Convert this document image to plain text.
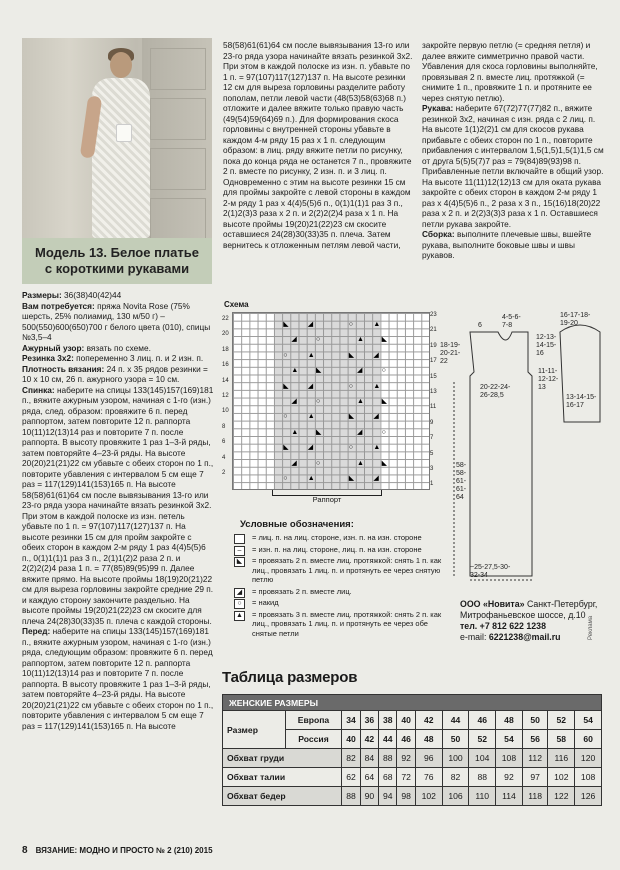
Модель 13. Белое платье
с короткими рукавами

Размеры: 36(38)40(42)44

Вам потребуется: пряжа Novita Rose (75% шерсть, 25% полиамид, 130 м/50 г) – 500(550)600(650)700 г белого цвета (010), спицы №3,5–4

Ажурный узор: вязать по схеме.

Резинка 3х2: попеременно 3 лиц. п. и 2 изн. п.

Плотность вязания: 24 п. х 35 рядов резинки = 10 х 10 см, 26 п. ажурного узора = 10 см.

Спинка: наберите на спицы 133(145)157(169)181 п., вяжите ажурным узором, начиная с 1-го (изн.) ряда, след. образом: провяжите 6 п. перед раппортом, затем повторите 12 п. раппорта 10(11)12(13)14 раз и повторите 7 п. после раппорта. В высоту провяжите 1 раз 1–3-й ряды, затем повторяйте 4–23-й ряды. На высоте 20(20)21(21)22 см убавьте с обеих сторон по 1 п., повторите убавления с интервалом 5 см еще 7 раз = 117(129)141(153)165 п. На высоте 58(58)61(61)64 см после вывязывания 13-го или 23-го ряда узора начинайте вязать резинкой 3х2. При этом в каждой полоске из изн. петель убавьте по 1 п. = 97(107)117(127)137 п. На высоте резинки 15 см для пройм закройте с обеих сторон в каждом 2-м ряду 1 раз 4(4)5(5)6 п., 0(1)1(1)1 раз 3 п., 2(1)1(2)2 раза 2 п. и 2(2)2(2)4 раза 1 п. = 77(85)89(95)99 п. Далее вяжите прямо. На высоте проймы 18(19)20(21)22 см для выреза горловины закройте средние 29 п. и каждую сторону закончите раздельно. На высоте проймы 19(20)21(22)23 см скосите для плеча 24(28)30(33)35 п. плеча с каждой стороны.

Перед: наберите на спицы 133(145)157(169)181 п., вяжите ажурным узором, начиная с 1-го (изн.) ряда, следующим образом: провяжите 6 п. перед раппортом, затем повторите 12 п. раппорта 10(11)12(13)14 раз и повторите 7 п. после раппорта. В высоту провяжите 1 раз 1–3-й ряды, затем повторяйте 4–23-й ряды. На высоте 20(20)21(21)22 см убавьте с обеих сторон по 1 п., повторите убавления с интервалом 5 см еще 7 раз = 117(129)141(153)165 п. На высоте

58(58)61(61)64 см после вывязывания 13-го или 23-го ряда узора начинайте вязать резинкой 3х2. При этом в каждой полоске из изн. п. убавьте по 1 п. = 97(107)117(127)137 п. На высоте резинки 12 см для выреза горловины разделите работу пополам, петли левой части (48(53)58(63)68 п.) отложите и далее вяжите только правую часть (49(54)59(64)69 п.). Для формирования скоса горловины с внутренней стороны убавьте в каждом 4-м ряду 15 раз х 1 п. следующим образом: в лиц. ряду вяжите петли по рисунку, пока до конца ряда не останется 7 п., провяжите 2 п. вместе по рисунку, 2 изн. п. и 3 лиц. п. Одновременно с этим на высоте резинки 15 см для проймы закройте с левой стороны в каждом 2-м ряду 1 раз х 4(4)5(5)6 п., 0(1)1(1)1 раз 3 п., 2(1)2(3)3 раза х 2 п. и 2(2)2(2)4 раза х 1 п. На высоте проймы 19(20)21(22)23 см скосите оставшиеся 24(28)30(33)35 п. плеча. Затем вернитесь к отложенным петлям левой части,

закройте первую петлю (= средняя петля) и далее вяжите симметрично правой части. Убавления для скоса горловины выполняйте, провязывая 2 п. вместе лиц. протяжкой (= снимите 1 п., провяжите 1 п. и протяните ее через снятую петлю).

Рукава: наберите 67(72)77(77)82 п., вяжите резинкой 3х2, начиная с изн. ряда с 2 лиц. п. На высоте 1(1)2(2)1 см для скосов рукава прибавьте с обеих сторон по 1 п., повторите прибавления с интервалом 1,5(1,5)1,5(1)1,5 см от друга 5(5)5(7)7 раз = 79(84)89(93)98 п. Прибавленные петли включайте в общий узор. На высоте 11(11)12(12)13 см для оката рукава закройте с обеих сторон в каждом 2-м ряду 1 раз х 4(4)5(5)6 п., 2 раза х 3 п., 15(16)18(20)22 раза х 2 п. и 2(2)3(3)3 раза х 1 п. Оставшиеся петли рукава закройте.

Сборка: выполните плечевые швы, вшейте рукава, выполните боковые швы и швы рукавов.

Схема
◣	◢	○	▲
◢	○	▲	◣
○	▲	◣	◢
▲	◣	◢	○
◣	◢	○	▲
◢	○	▲	◣
○	▲	◣	◢
▲	◣	◢	○
◣	◢	○	▲
◢	○	▲	◣
○	▲	◣	◢
22
20
18
16
14
12
10
8
6
4
2
23
21
19
17
15
13
11
9
7
5
3
1
Раппорт
4-5-6-
7-8
6
16-17-18-
19-20
18-19-
20-21-
22
20-22-24-
26-28,5
58-
58-
61-
61-
64
~25-27,5-30-
32-34
12-13-
14-15-
16
11-11-
12-12-
13
13-14-15-
16-17
Условные обозначения:
= лиц. п. на лиц. стороне, изн. п. на изн. стороне
–	= изн. п. на лиц. стороне, лиц. п. на изн. стороне
◣	= провязать 2 п. вместе лиц. протяжкой: снять 1 п. как лиц., провязать 1 лиц. п. и протянуть ее через снятую петлю
◢	= провязать 2 п. вместе лиц.
○	= накид
▲ = провязать 3 п. вместе лиц. протяжкой: снять 2 п. как лиц., провязать 1 лиц. п. и протянуть ее через обе снятые петли
ООО «Новита» Санкт-Петербург,
Митрофаньевское шоссе, д.10
тел. +7 812 622 1238
e-mail: 6221238@mail.ru	Реклама
Таблица размеров
ЖЕНСКИЕ РАЗМЕРЫ												
Размер	Европа	34	36	38	40	42	44	46	48	50	52	54
	Россия	40	42	44	46	48	50	52	54	56	58	60
Обхват груди		82	84	88	92	96	100	104	108	112	116	120
Обхват талии		62	64	68	72	76	82	88	92	97	102	108
Обхват бедер		88	90	94	98	102	106	110	114	118	122	126
8 ВЯЗАНИЕ: МОДНО И ПРОСТО № 2 (210) 2015
